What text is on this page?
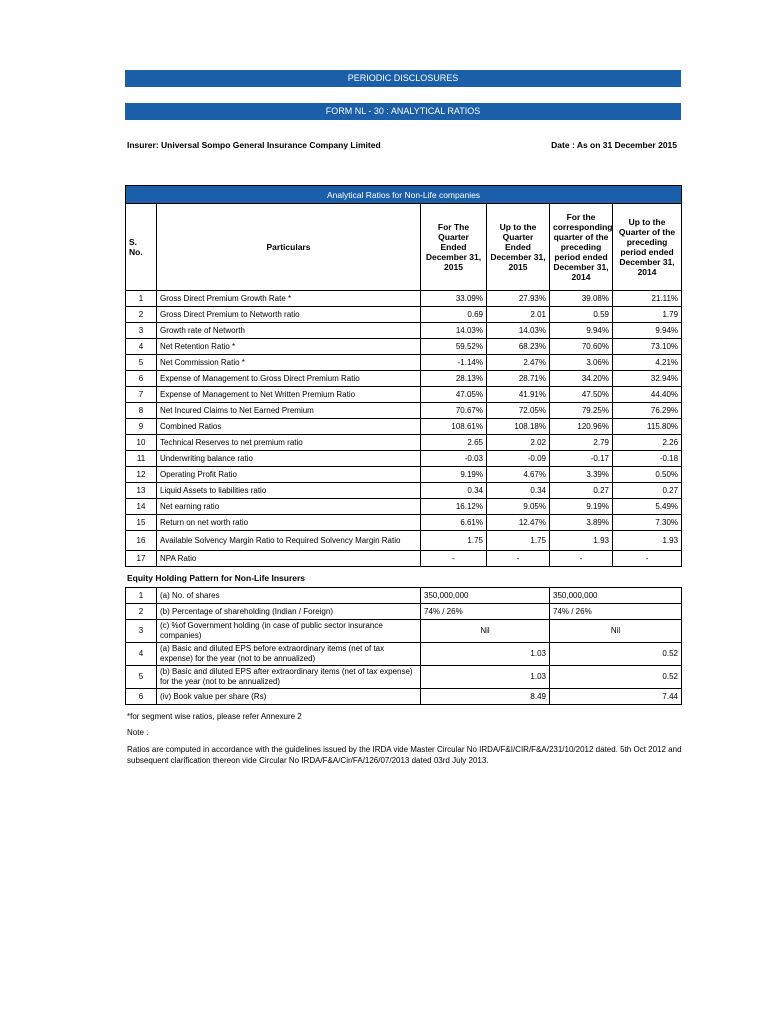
PERIODIC DISCLOSURES
FORM NL - 30 : ANALYTICAL RATIOS
Insurer: Universal Sompo General Insurance Company Limited	Date : As on 31 December 2015
Analytical Ratios for Non-Life companies					
S. No.	Particulars	For The Quarter Ended December 31, 2015	Up to the Quarter Ended December 31, 2015	For the corresponding quarter of the preceding period ended December 31, 2014	Up to the Quarter of the preceding period ended December 31, 2014
1	Gross Direct Premium Growth Rate *	33.09%	27.93%	39.08%	21.11%
2	Gross Direct Premium to Networth ratio	0.69	2.01	0.59	1.79
3	Growth rate of Networth	14.03%	14.03%	9.94%	9.94%
4	Net Retention Ratio *	59.52%	68.23%	70.60%	73.10%
5	Net Commission Ratio *	-1.14%	2.47%	3.06%	4.21%
6	Expense of Management to Gross Direct Premium Ratio	28.13%	28.71%	34.20%	32.94%
7	Expense of Management to Net Written Premium Ratio	47.05%	41.91%	47.50%	44.40%
8	Net Incured Claims to Net Earned Premium	70.67%	72.05%	79.25%	76.29%
9	Combined Ratios	108.61%	108.18%	120.96%	115.80%
10	Technical Reserves to net premium ratio	2.65	2.02	2.79	2.26
11	Underwriting balance ratio	-0.03	-0.09	-0.17	-0.18
12	Operating Profit Ratio	9.19%	4.67%	3.39%	0.50%
13	Liquid Assets to liabilities ratio	0.34	0.34	0.27	0.27
14	Net earning ratio	16.12%	9.05%	9.19%	5.49%
15	Return on net worth ratio	6.61%	12.47%	3.89%	7.30%
16	Available Solvency Margin Ratio to Required Solvency Margin Ratio	1.75	1.75	1.93	1.93
17	NPA Ratio	-	-	-	-
Equity Holding Pattern for Non-Life Insurers
1	(a) No. of shares	350,000,000	350,000,000
2	(b) Percentage of shareholding (Indian / Foreign)	74% / 26%	74% / 26%
3	(c) %of Government holding (in case of public sector insurance companies)	Nil	Nil
4	(a) Basic and diluted EPS before extraordinary items (net of tax expense) for the year (not to be annualized)	1.03	0.52
5	(b) Basic and diluted EPS after extraordinary items (net of tax expense) for the year (not to be annualized)	1.03	0.52
6	(iv) Book value per share (Rs)	8.49	7.44
*for segment wise ratios, please refer Annexure 2
Note :
Ratios are computed in accordance with the guidelines issued by the IRDA vide Master Circular No IRDA/F&I/CIR/F&A/231/10/2012 dated. 5th Oct 2012 and subsequent clarification thereon vide Circular No IRDA/F&A/Cir/FA/126/07/2013 dated 03rd July 2013.
